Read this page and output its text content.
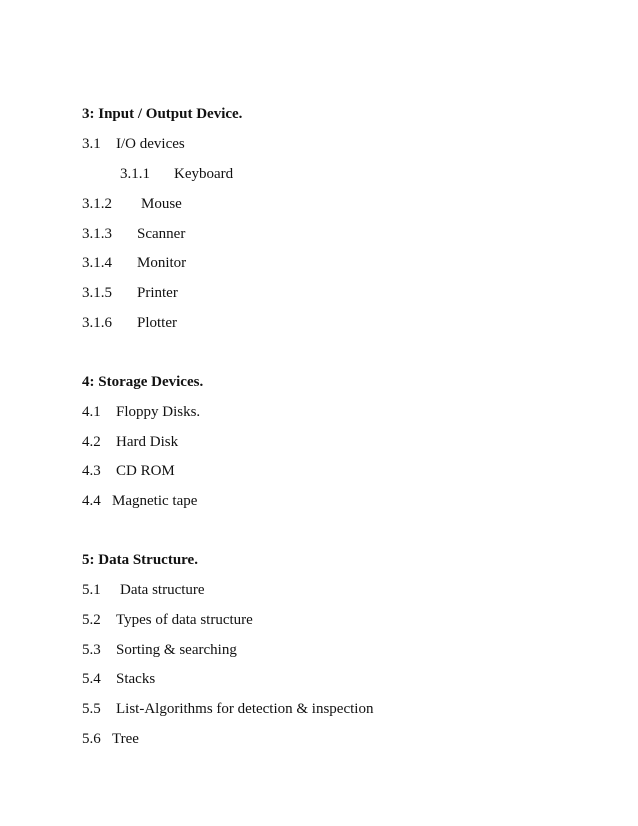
3: Input / Output Device.
3.1 I/O devices
3.1.1 Keyboard
3.1.2 Mouse
3.1.3 Scanner
3.1.4 Monitor
3.1.5 Printer
3.1.6 Plotter
4: Storage Devices.
4.1 Floppy Disks.
4.2 Hard Disk
4.3 CD ROM
4.4 Magnetic tape
5: Data Structure.
5.1 Data structure
5.2 Types of data structure
5.3 Sorting & searching
5.4 Stacks
5.5 List-Algorithms for detection & inspection
5.6 Tree
